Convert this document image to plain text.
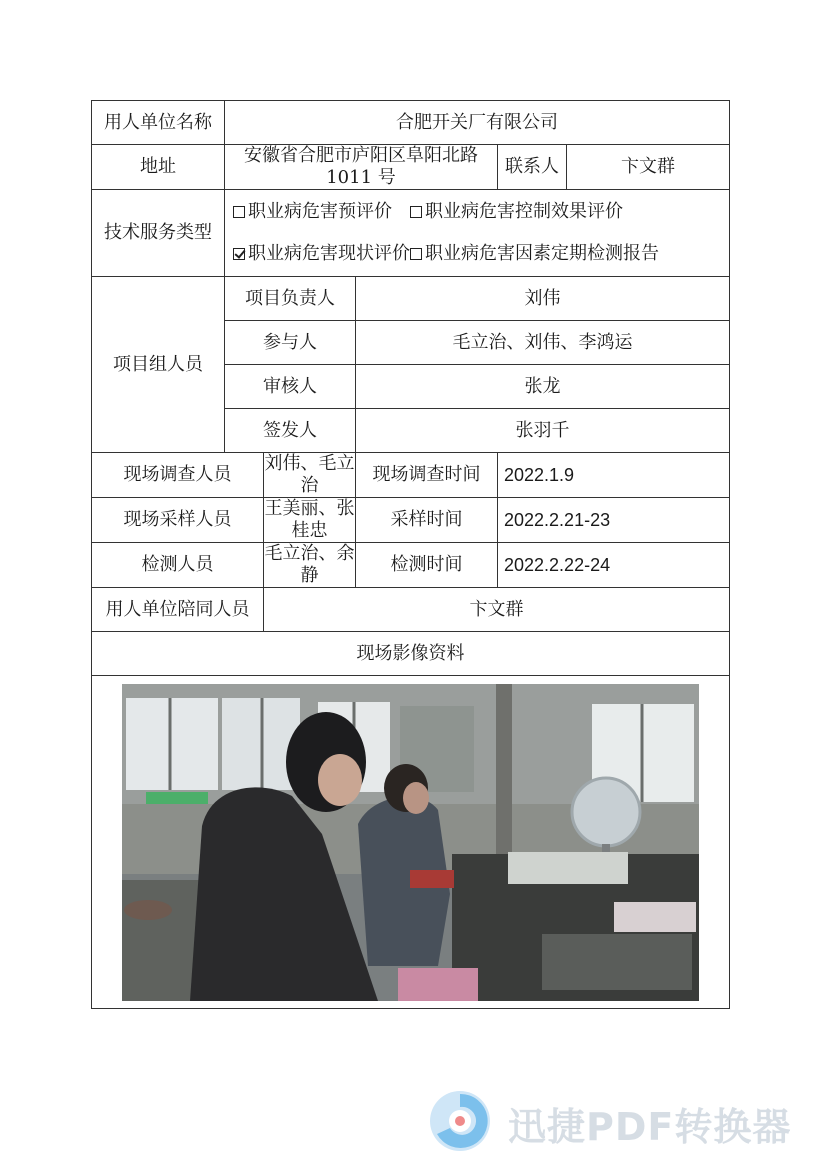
用人单位名称	合肥开关厂有限公司				
地址	安徽省合肥市庐阳区阜阳北路
1011 号			联系人	卞文群
技术服务类型	职业病危害预评价 职业病危害控制效果评价
职业病危害现状评价 职业病危害因素定期检测报告				

项目组人员	项目负责人		刘伟		
	参与人		毛立治、刘伟、李鸿运		
	审核人		张龙		
	签发人		张羽千		
现场调查人员		刘伟、毛立治	现场调查时间	2022.1.9	
现场采样人员		王美丽、张桂忠	采样时间	2022.2.21-23	
检测人员		毛立治、余静	检测时间	2022.2.22-24	
用人单位陪同人员		卞文群			
现场影像资料					

迅捷PDF转换器
